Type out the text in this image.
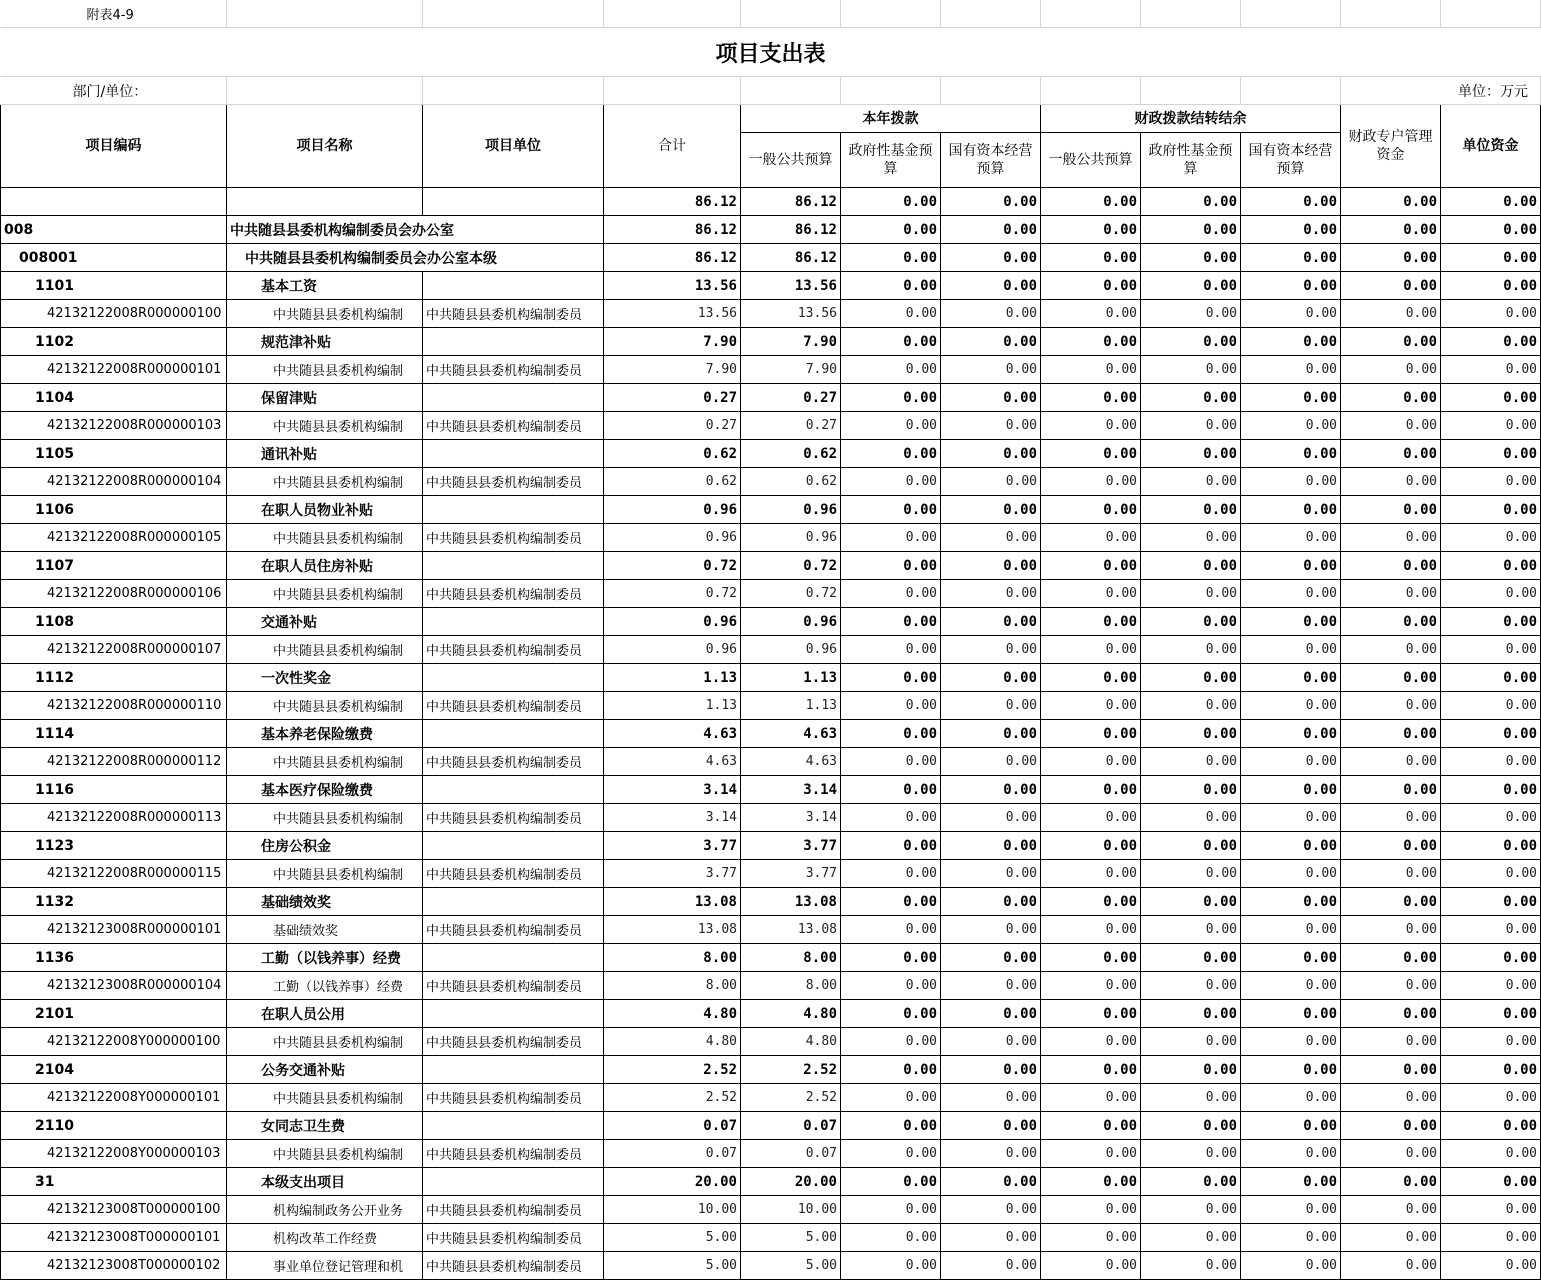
附表4-9											
项目支出表											
部门/单位：										单位：万元	
项目编码	项目名称	项目单位	合计	本年拨款			财政拨款结转结余			财政专户管理资金	单位资金
				一般公共预算	政府性基金预算	国有资本经营预算	一般公共预算	政府性基金预算	国有资本经营预算		
			86.12	86.12	0.00	0.00	0.00	0.00	0.00	0.00	0.00
008	中共随县县委机构编制委员会办公室		86.12	86.12	0.00	0.00	0.00	0.00	0.00	0.00	0.00
008001	中共随县县委机构编制委员会办公室本级		86.12	86.12	0.00	0.00	0.00	0.00	0.00	0.00	0.00
1101	基本工资		13.56	13.56	0.00	0.00	0.00	0.00	0.00	0.00	0.00
42132122008R000000100	中共随县县委机构编制	中共随县县委机构编制委员	13.56	13.56	0.00	0.00	0.00	0.00	0.00	0.00	0.00
1102	规范津补贴		7.90	7.90	0.00	0.00	0.00	0.00	0.00	0.00	0.00
42132122008R000000101	中共随县县委机构编制	中共随县县委机构编制委员	7.90	7.90	0.00	0.00	0.00	0.00	0.00	0.00	0.00
1104	保留津贴		0.27	0.27	0.00	0.00	0.00	0.00	0.00	0.00	0.00
42132122008R000000103	中共随县县委机构编制	中共随县县委机构编制委员	0.27	0.27	0.00	0.00	0.00	0.00	0.00	0.00	0.00
1105	通讯补贴		0.62	0.62	0.00	0.00	0.00	0.00	0.00	0.00	0.00
42132122008R000000104	中共随县县委机构编制	中共随县县委机构编制委员	0.62	0.62	0.00	0.00	0.00	0.00	0.00	0.00	0.00
1106	在职人员物业补贴		0.96	0.96	0.00	0.00	0.00	0.00	0.00	0.00	0.00
42132122008R000000105	中共随县县委机构编制	中共随县县委机构编制委员	0.96	0.96	0.00	0.00	0.00	0.00	0.00	0.00	0.00
1107	在职人员住房补贴		0.72	0.72	0.00	0.00	0.00	0.00	0.00	0.00	0.00
42132122008R000000106	中共随县县委机构编制	中共随县县委机构编制委员	0.72	0.72	0.00	0.00	0.00	0.00	0.00	0.00	0.00
1108	交通补贴		0.96	0.96	0.00	0.00	0.00	0.00	0.00	0.00	0.00
42132122008R000000107	中共随县县委机构编制	中共随县县委机构编制委员	0.96	0.96	0.00	0.00	0.00	0.00	0.00	0.00	0.00
1112	一次性奖金		1.13	1.13	0.00	0.00	0.00	0.00	0.00	0.00	0.00
42132122008R000000110	中共随县县委机构编制	中共随县县委机构编制委员	1.13	1.13	0.00	0.00	0.00	0.00	0.00	0.00	0.00
1114	基本养老保险缴费		4.63	4.63	0.00	0.00	0.00	0.00	0.00	0.00	0.00
42132122008R000000112	中共随县县委机构编制	中共随县县委机构编制委员	4.63	4.63	0.00	0.00	0.00	0.00	0.00	0.00	0.00
1116	基本医疗保险缴费		3.14	3.14	0.00	0.00	0.00	0.00	0.00	0.00	0.00
42132122008R000000113	中共随县县委机构编制	中共随县县委机构编制委员	3.14	3.14	0.00	0.00	0.00	0.00	0.00	0.00	0.00
1123	住房公积金		3.77	3.77	0.00	0.00	0.00	0.00	0.00	0.00	0.00
42132122008R000000115	中共随县县委机构编制	中共随县县委机构编制委员	3.77	3.77	0.00	0.00	0.00	0.00	0.00	0.00	0.00
1132	基础绩效奖		13.08	13.08	0.00	0.00	0.00	0.00	0.00	0.00	0.00
42132123008R000000101	基础绩效奖	中共随县县委机构编制委员	13.08	13.08	0.00	0.00	0.00	0.00	0.00	0.00	0.00
1136	工勤（以钱养事）经费		8.00	8.00	0.00	0.00	0.00	0.00	0.00	0.00	0.00
42132123008R000000104	工勤（以钱养事）经费	中共随县县委机构编制委员	8.00	8.00	0.00	0.00	0.00	0.00	0.00	0.00	0.00
2101	在职人员公用		4.80	4.80	0.00	0.00	0.00	0.00	0.00	0.00	0.00
42132122008Y000000100	中共随县县委机构编制	中共随县县委机构编制委员	4.80	4.80	0.00	0.00	0.00	0.00	0.00	0.00	0.00
2104	公务交通补贴		2.52	2.52	0.00	0.00	0.00	0.00	0.00	0.00	0.00
42132122008Y000000101	中共随县县委机构编制	中共随县县委机构编制委员	2.52	2.52	0.00	0.00	0.00	0.00	0.00	0.00	0.00
2110	女同志卫生费		0.07	0.07	0.00	0.00	0.00	0.00	0.00	0.00	0.00
42132122008Y000000103	中共随县县委机构编制	中共随县县委机构编制委员	0.07	0.07	0.00	0.00	0.00	0.00	0.00	0.00	0.00
31	本级支出项目		20.00	20.00	0.00	0.00	0.00	0.00	0.00	0.00	0.00
42132123008T000000100	机构编制政务公开业务	中共随县县委机构编制委员	10.00	10.00	0.00	0.00	0.00	0.00	0.00	0.00	0.00
42132123008T000000101	机构改革工作经费	中共随县县委机构编制委员	5.00	5.00	0.00	0.00	0.00	0.00	0.00	0.00	0.00
42132123008T000000102	事业单位登记管理和机	中共随县县委机构编制委员	5.00	5.00	0.00	0.00	0.00	0.00	0.00	0.00	0.00
